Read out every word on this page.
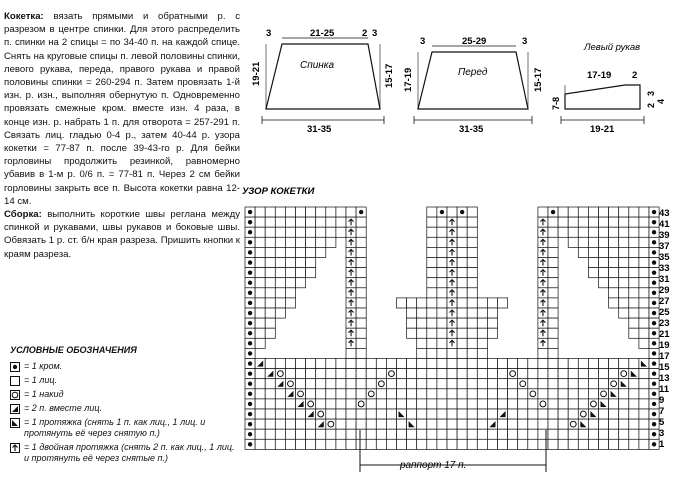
Кокетка: вязать прямыми и обратными р. с разрезом в центре спинки. Для этого распределить п. спинки на 2 спицы = по 34-40 п. на каждой спице. Снять на круговые спицы п. левой половины спинки, левого рукава, переда, правого рукава и правой половины спинки = 260-294 п. Затем провязать 1-й изн. р. изн., выполняя обернутую п. Одновременно провязать смежные кром. вместе изн. 4 раза, в конце изн. р. набрать 1 п. для отворота = 257-291 п. Связать лиц. гладью 0-4 р., затем 40-44 р. узора кокетки = 77-87 п. после 39-43-го р. Для бейки горловины продолжить резинкой, равномерно убавив в 1-м р. 0/6 п. = 77-81 п. Через 2 см бейки горловины закрыть все п. Высота кокетки равна 12-14 см.

Сборка: выполнить короткие швы реглана между спинкой и рукавами, швы рукавов и боковые швы. Обвязать 1 р. ст. б/н края разреза. Пришить кнопки к краям разреза.

УСЛОВНЫЕ ОБОЗНАЧЕНИЯ
= 1 кром.
= 1 лиц.
= 1 накид
= 2 п. вместе лиц.
= 1 протяжка (снять 1 п. как лиц., 1 лиц. и протянуть её через снятую п.)
= 1 двойная протяжка (снять 2 п. как лиц., 1 лиц. и протянуть её через снятые п.)
Спинка
21-25
3	2 3
19-21	15-17
31-35
Перед
25-29
3	3
17-19	15-17
31-35
Левый рукав
17-19 2
7-8
3
2
4
19-21
УЗОР КОКЕТКИ
43
41
39
37
35
33
31
29
27
25
23
21
19
17
15
13
11
9
7
5
3
1
раппорт 17 п.
